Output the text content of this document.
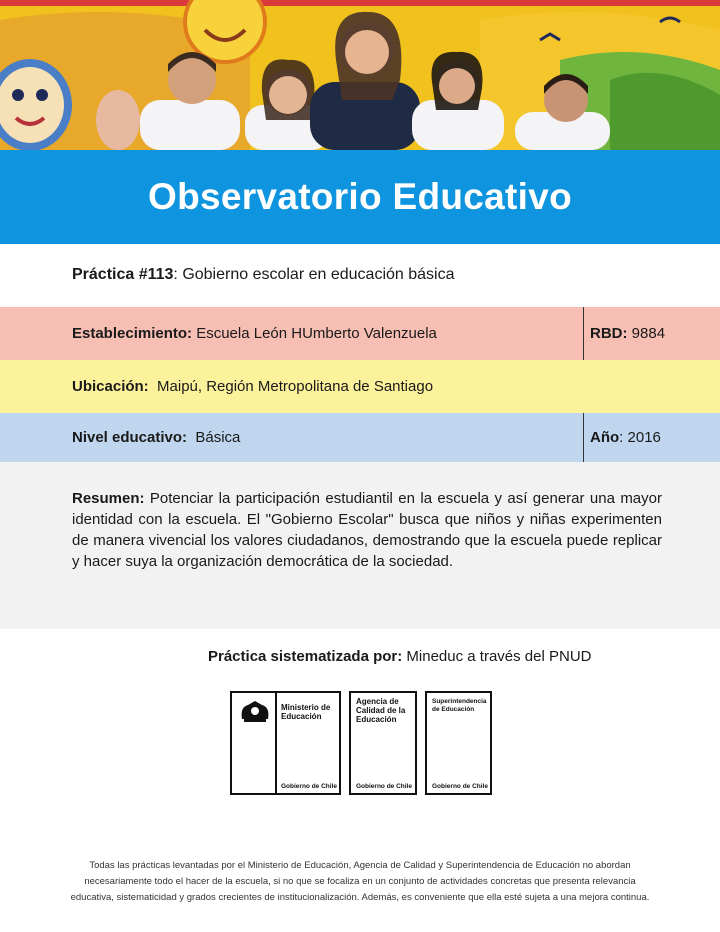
Observatorio Educativo
Práctica #113: Gobierno escolar en educación básica
Establecimiento: Escuela León HUmberto Valenzuela	RBD: 9884
Ubicación: Maipú, Región Metropolitana de Santiago
Nivel educativo: Básica	Año : 2016
Resumen: Potenciar la participación estudiantil en la escuela y así generar una mayor identidad con la escuela. El "Gobierno Escolar" busca que niños y niñas experimenten de manera vivencial los valores ciudadanos, demostrando que la escuela puede replicar y hacer suya la organización democrática de la sociedad.
Práctica sistematizada por: Mineduc a través del PNUD
Ministerio de Educación
Gobierno de Chile
Agencia de Calidad de la Educación
Gobierno de Chile
Superintendencia de Educación
Gobierno de Chile
Todas las prácticas levantadas por el Ministerio de Educación, Agencia de Calidad y Superintendencia de Educación no abordan
necesariamente todo el hacer de la escuela, si no que se focaliza en un conjunto de actividades concretas que presenta relevancia
educativa, sistematicidad y grados crecientes de institucionalización. Además, es conveniente que ella esté sujeta a una mejora continua.
